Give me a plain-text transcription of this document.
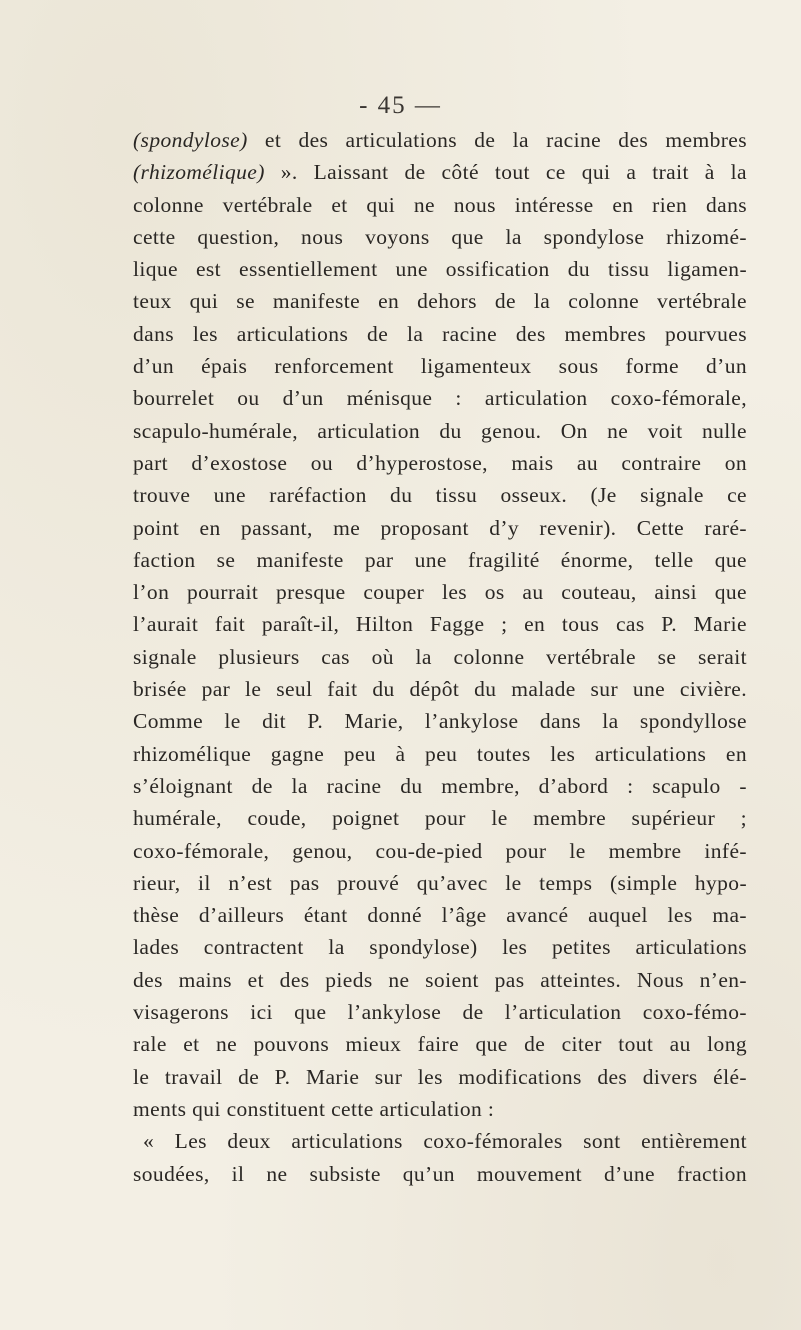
- 45 —
(spondylose) et des articulations de la racine des membres
(rhizomélique) ». Laissant de côté tout ce qui a trait à la
colonne vertébrale et qui ne nous intéresse en rien dans
cette question, nous voyons que la spondylose rhizomé-
lique est essentiellement une ossification du tissu ligamen-
teux qui se manifeste en dehors de la colonne vertébrale
dans les articulations de la racine des membres pourvues
d’un épais renforcement ligamenteux sous forme d’un
bourrelet ou d’un ménisque : articulation coxo-fémorale,
scapulo-humérale, articulation du genou. On ne voit nulle
part d’exostose ou d’hyperostose, mais au contraire on
trouve une raréfaction du tissu osseux. (Je signale ce
point en passant, me proposant d’y revenir). Cette raré-
faction se manifeste par une fragilité énorme, telle que
l’on pourrait presque couper les os au couteau, ainsi que
l’aurait fait paraît-il, Hilton Fagge ; en tous cas P. Marie
signale plusieurs cas où la colonne vertébrale se serait
brisée par le seul fait du dépôt du malade sur une civière.
Comme le dit P. Marie, l’ankylose dans la spondyllose
rhizomélique gagne peu à peu toutes les articulations en
s’éloignant de la racine du membre, d’abord : scapulo -
humérale, coude, poignet pour le membre supérieur ;
coxo-fémorale, genou, cou-de-pied pour le membre infé-
rieur, il n’est pas prouvé qu’avec le temps (simple hypo-
thèse d’ailleurs étant donné l’âge avancé auquel les ma-
lades contractent la spondylose) les petites articulations
des mains et des pieds ne soient pas atteintes. Nous n’en-
visagerons ici que l’ankylose de l’articulation coxo-fémo-
rale et ne pouvons mieux faire que de citer tout au long
le travail de P. Marie sur les modifications des divers élé-
ments qui constituent cette articulation :
« Les deux articulations coxo-fémorales sont entièrement
soudées, il ne subsiste qu’un mouvement d’une fraction
